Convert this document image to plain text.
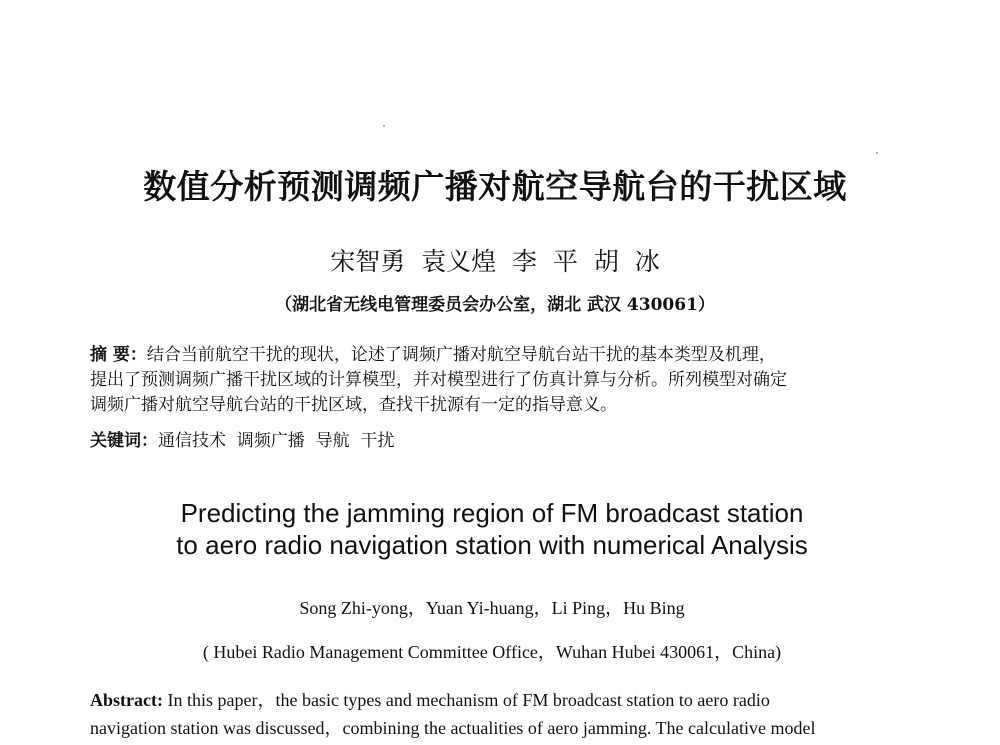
数值分析预测调频广播对航空导航台的干扰区域
宋智勇  袁义煌  李  平  胡  冰
（湖北省无线电管理委员会办公室，湖北 武汉 430061）
摘 要：结合当前航空干扰的现状，论述了调频广播对航空导航台站干扰的基本类型及机理，
提出了预测调频广播干扰区域的计算模型，并对模型进行了仿真计算与分析。所列模型对确定
调频广播对航空导航台站的干扰区域，查找干扰源有一定的指导意义。
关键词：通信技术  调频广播  导航  干扰
Predicting the jamming region of FM broadcast station
to aero radio navigation station with numerical Analysis
Song Zhi-yong，Yuan Yi-huang，Li Ping，Hu Bing
( Hubei Radio Management Committee Office，Wuhan Hubei 430061，China)
Abstract: In this paper，the basic types and mechanism of FM broadcast station to aero radio
navigation station was discussed，combining the actualities of aero jamming. The calculative model
